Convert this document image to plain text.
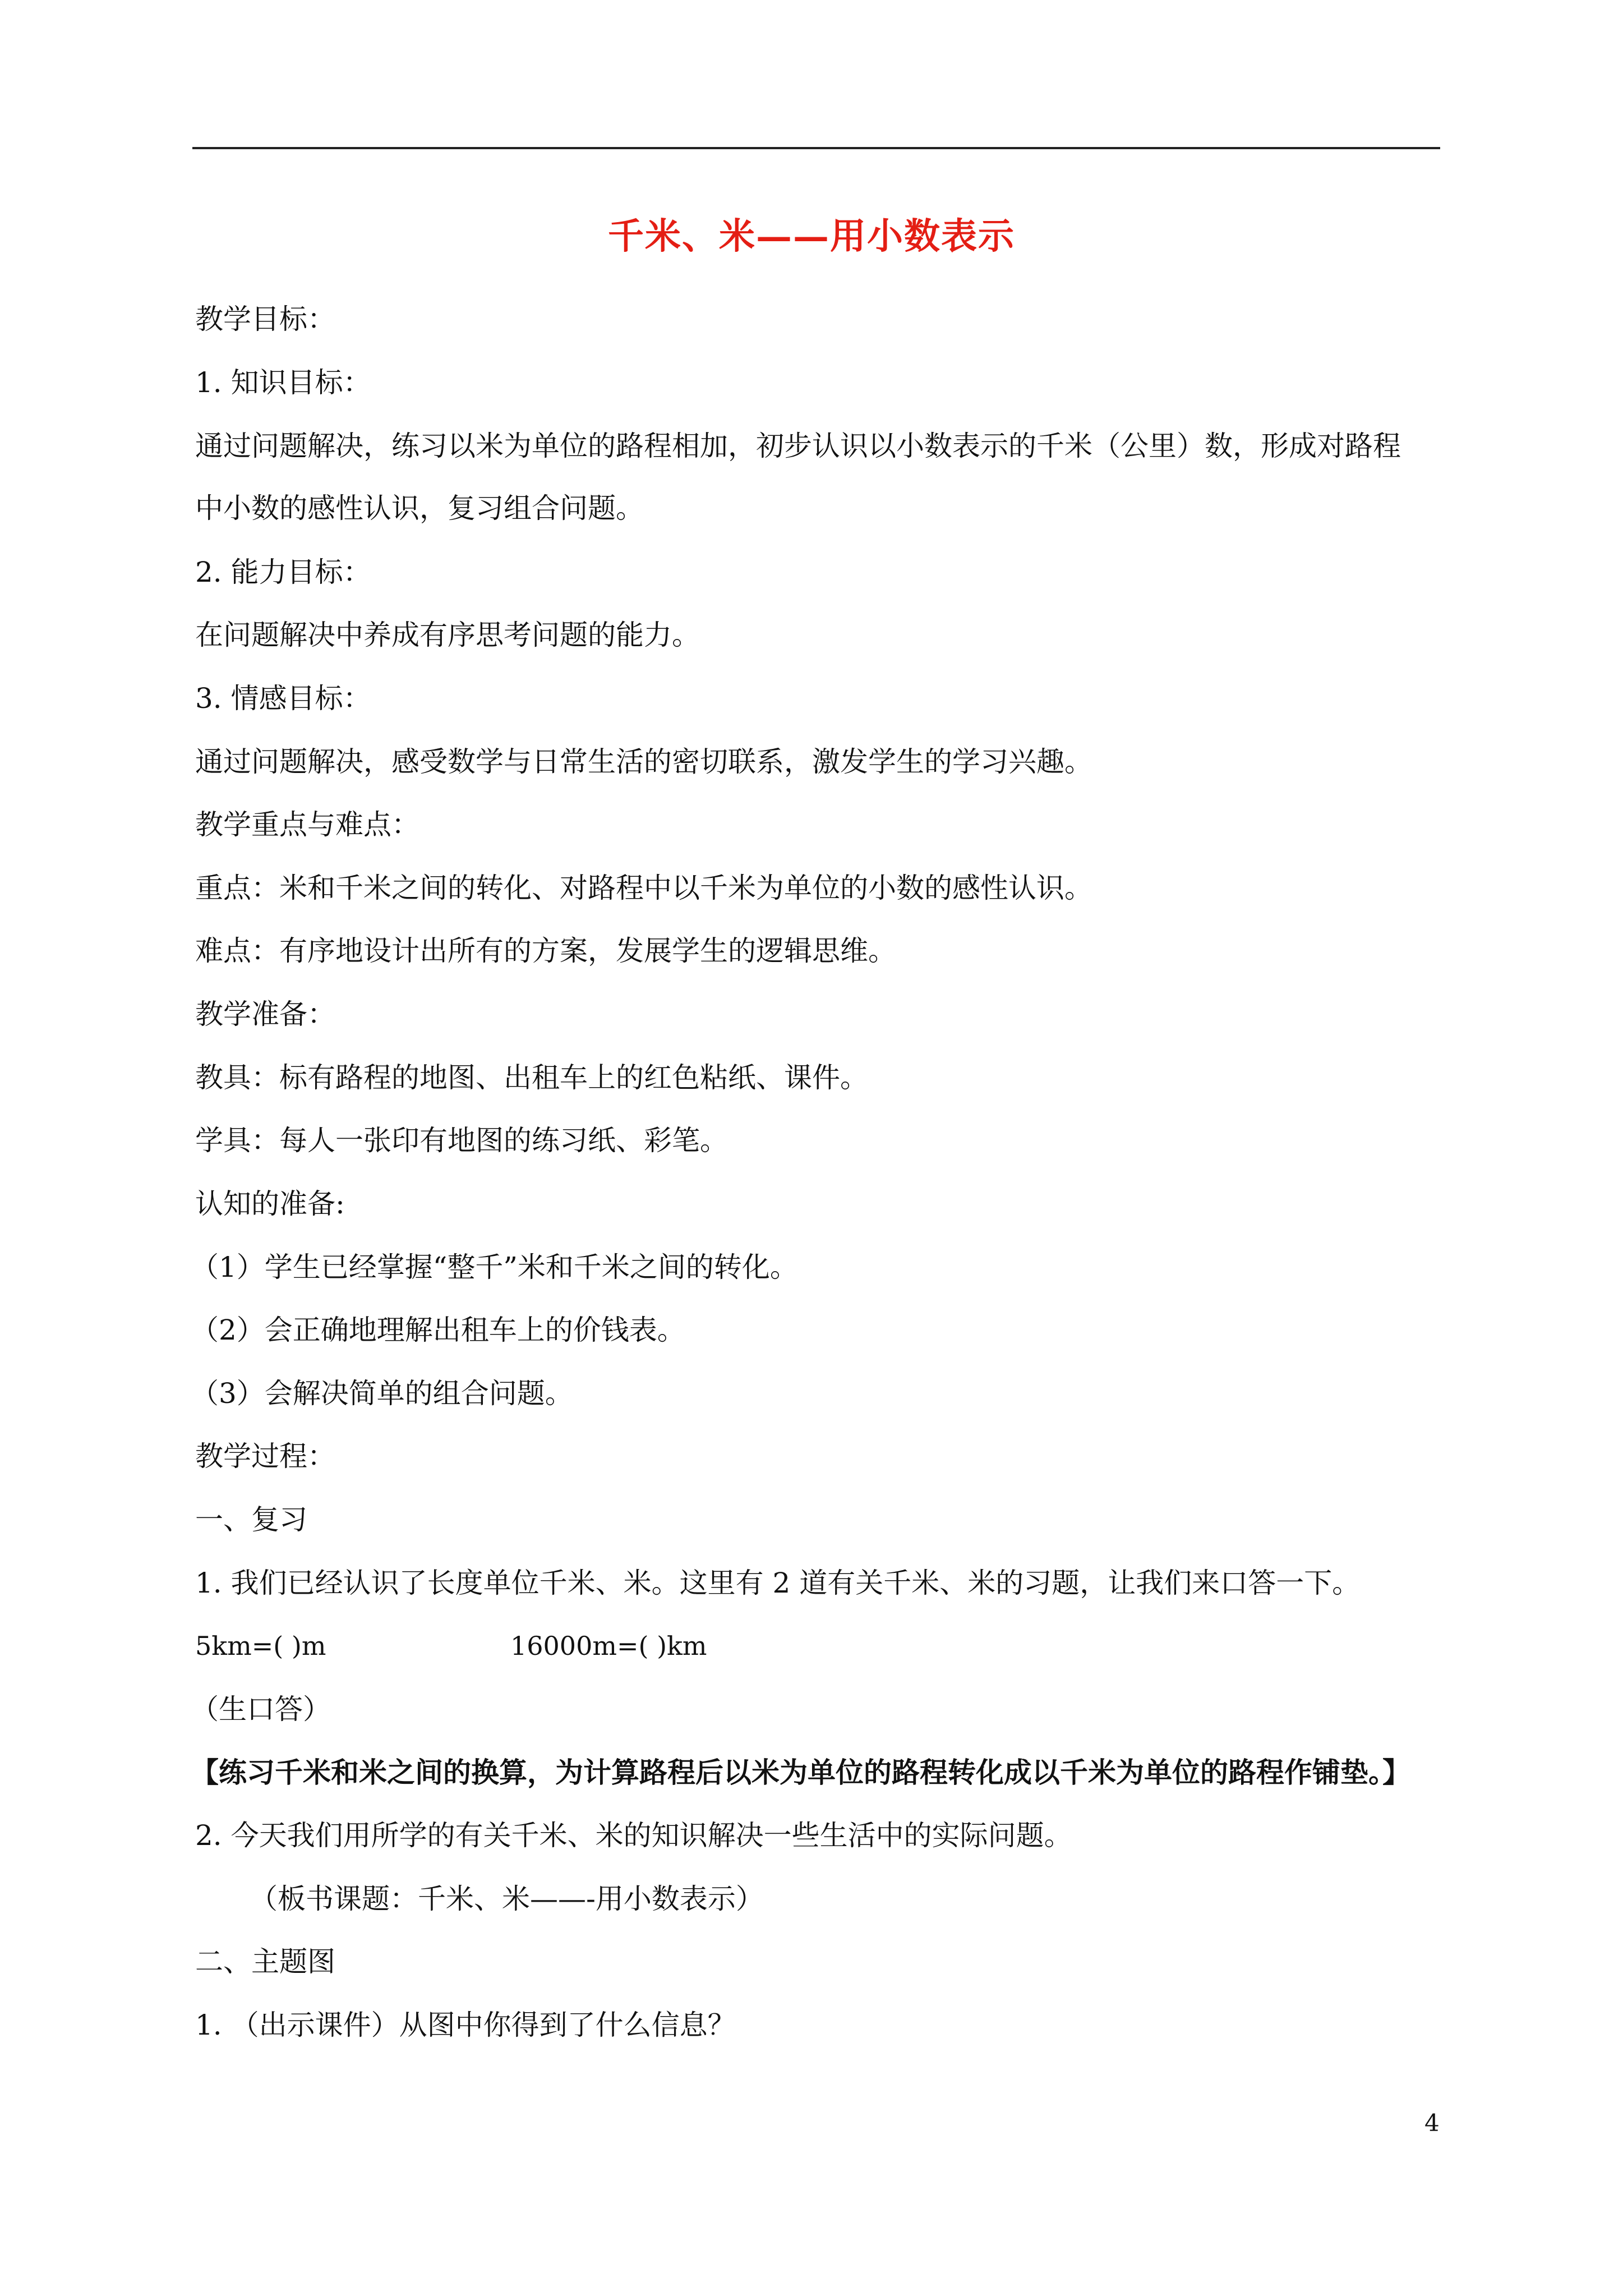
千米、米——用小数表示
教学目标：
1. 知识目标：
通过问题解决，练习以米为单位的路程相加，初步认识以小数表示的千米（公里）数，形成对路程
中小数的感性认识，复习组合问题。
2. 能力目标：
在问题解决中养成有序思考问题的能力。
3. 情感目标：
通过问题解决，感受数学与日常生活的密切联系，激发学生的学习兴趣。
教学重点与难点：
重点：米和千米之间的转化、对路程中以千米为单位的小数的感性认识。
难点：有序地设计出所有的方案，发展学生的逻辑思维。
教学准备：
教具：标有路程的地图、出租车上的红色粘纸、课件。
学具：每人一张印有地图的练习纸、彩笔。
认知的准备:
（1）学生已经掌握“整千”米和千米之间的转化。
（2）会正确地理解出租车上的价钱表。
（3）会解决简单的组合问题。
教学过程：
一、复习
1. 我们已经认识了长度单位千米、米。这里有 2 道有关千米、米的习题，让我们来口答一下。
5km=( )m	16000m=( )km
（生口答）
【练习千米和米之间的换算，为计算路程后以米为单位的路程转化成以千米为单位的路程作铺垫。】
2. 今天我们用所学的有关千米、米的知识解决一些生活中的实际问题。
（板书课题：千米、米——-用小数表示）
二、主题图
1. （出示课件）从图中你得到了什么信息？
4
